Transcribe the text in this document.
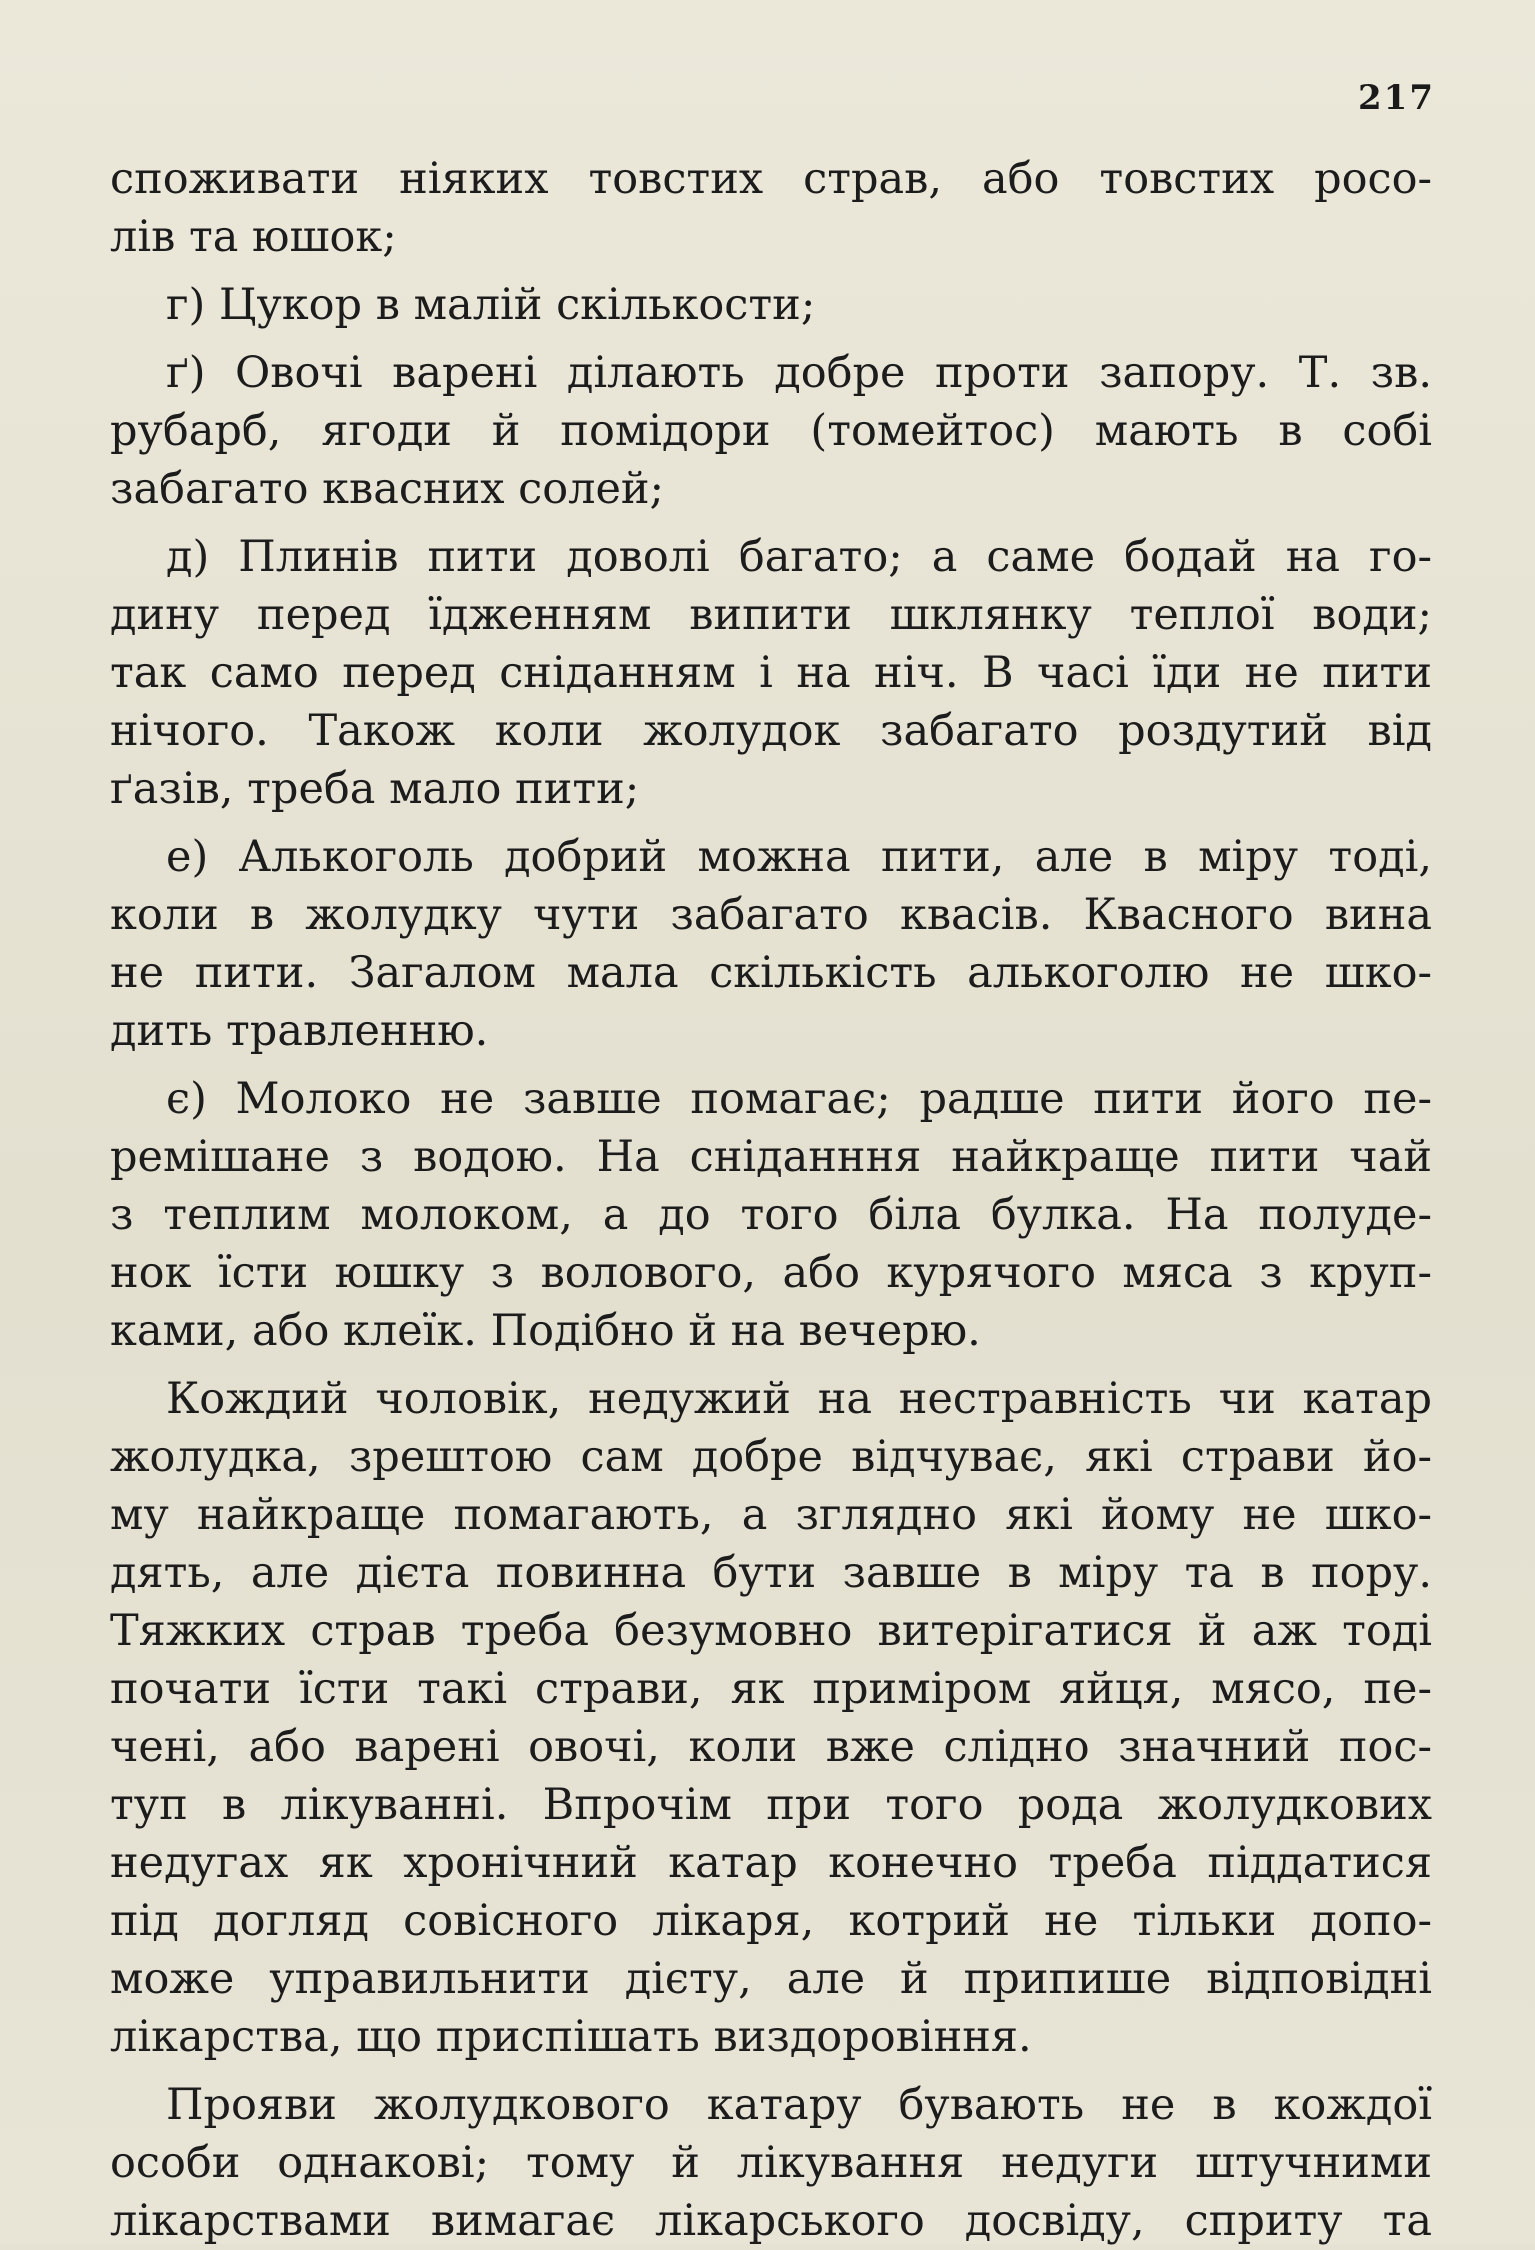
217
споживати ніяких товстих страв, або товстих росо-
лів та юшок;
г) Цукор в малій скількости;
ґ) Овочі варені ділають добре проти запору. Т. зв.
рубарб, ягоди й помідори (томейтос) мають в собі
забагато квасних солей;
д) Плинів пити доволі багато; а саме бодай на го-
дину перед їдженням випити шклянку теплої води;
так само перед сніданням і на ніч. В часі їди не пити
нічого. Також коли жолудок забагато роздутий від
ґазів, треба мало пити;
е) Алькоголь добрий можна пити, але в міру тоді,
коли в жолудку чути забагато квасів. Квасного вина
не пити. Загалом мала скількість алькоголю не шко-
дить травленню.
є) Молоко не завше помагає; радше пити його пе-
ремішане з водою. На сніданння найкраще пити чай
з теплим молоком, а до того біла булка. На полуде-
нок їсти юшку з волового, або курячого мяса з круп-
ками, або клеїк. Подібно й на вечерю.
Кождий чоловік, недужий на нестравність чи катар
жолудка, зрештою сам добре відчуває, які страви йо-
му найкраще помагають, а зглядно які йому не шко-
дять, але дієта повинна бути завше в міру та в пору.
Тяжких страв треба безумовно витерігатися й аж тоді
почати їсти такі страви, як приміром яйця, мясо, пе-
чені, або варені овочі, коли вже слідно значний пос-
туп в лікуванні. Впрочім при того рода жолудкових
недугах як хронічний катар конечно треба піддатися
під догляд совісного лікаря, котрий не тільки допо-
може управильнити дієту, але й припише відповідні
лікарства, що приспішать виздоровіння.
Прояви жолудкового катару бувають не в кождої
особи однакові; тому й лікування недуги штучними
лікарствами вимагає лікарського досвіду, сприту та
